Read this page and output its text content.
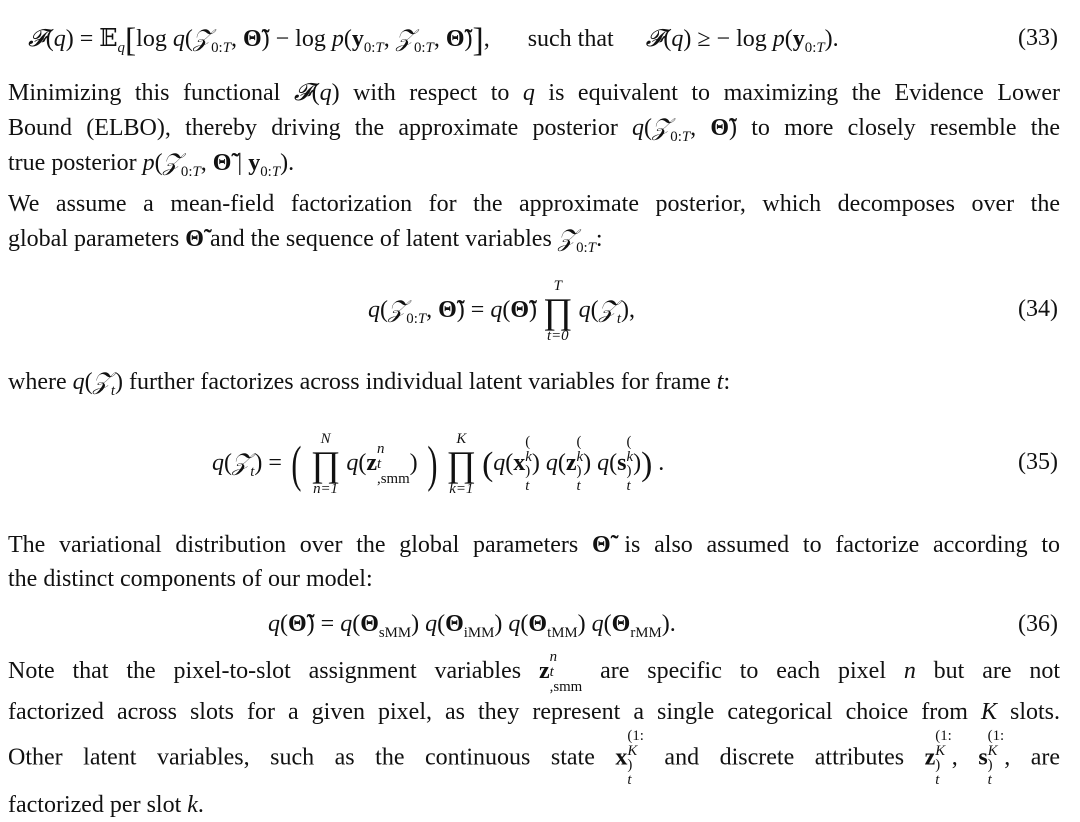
𝓕(q) = 𝔼$_q$[log q(𝒵$_{0:T}$, Θ̃) − $\log p(y_{0:T}$, 𝒵$_{0:T}$, Θ̃)],  such that 𝓕(q) ≥ − $\log p(y_{0:T})$.	(33)
Minimizing this functional 𝓕(q) with respect to q is equivalent to maximizing the Evidence Lower
Bound (ELBO), thereby driving the approximate posterior q(𝒵$_{0:T}$, Θ̃) to more closely resemble the
true posterior p(𝒵$_{0:T}$, Θ̃ | $y_{0:T}$).
We assume a mean-field factorization for the approximate posterior, which decomposes over the
global parameters Θ̃ and the sequence of latent variables 𝒵$_{0:T}$:
q(𝒵$_{0:T}$, Θ̃) = q(Θ̃)
T
∏
t=0
q(𝒵$_t$),	(34)
where q(𝒵$_t$) further factorizes across individual latent variables for frame t:
q(𝒵$_t$) = (	N
∏
n=1
q(z
n
t
,smm
) )	K
∏
k=1
(q(x
(
k
)
t
) q(z
(
k
)
t
) q(s
(
k
)
t
)) .	(35)
The variational distribution over the global parameters Θ̃ is also assumed to factorize according to
the distinct components of our model:
q(Θ̃) = $q(\Theta_{sMM})$ $q(\Theta_{iMM})$ $q(\Theta_{tMM})$ $q(\Theta_{rMM})$.	(36)
Note that the pixel-to-slot assignment variables z
n
t
,smm
are specific to each pixel n but are not
factorized across slots for a given pixel, as they represent a single categorical choice from K slots.
Other latent variables, such as the continuous state x
(1:
K
)
t
and discrete attributes z
(1:
K
)
t
, s
(1:
K
)
t
, are
factorized per slot k.
